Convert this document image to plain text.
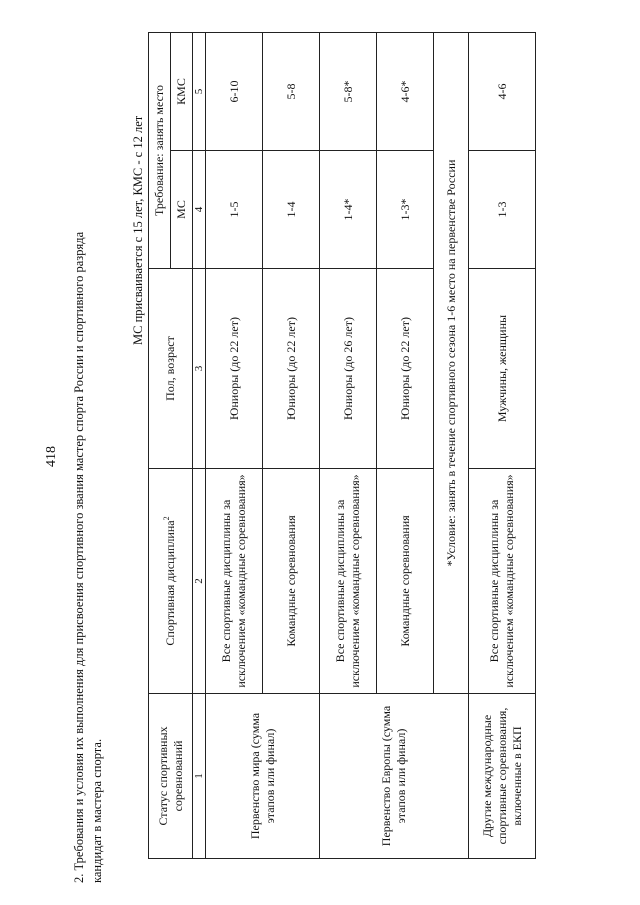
418 2. Требования и условия их выполнения для присвоения спортивного звания мастер спорта России и спортивного разряда кандидат в мастера спорта.
МС присваивается с 15 лет, КМС - с 12 лет
Статус спортивных соревнований	Спортивная дисциплина$^2$	Пол, возраст	Требование: занять место	
			МС	КМС
1	2	3	4	5
Первенство мира (сумма этапов или финал)	Все спортивные дисциплины за исключением «командные соревнования»	Юниоры (до 22 лет)	1-5	6-10
	Командные соревнования	Юниоры (до 22 лет)	1-4	5-8
Первенство Европы (сумма этапов или финал)	Все спортивные дисциплины за исключением «командные соревнования»	Юниоры (до 26 лет)	1-4*	5-8*
	Командные соревнования	Юниоры (до 22 лет)	1-3*	4-6*
	*Условие: занять в течение спортивного сезона 1-6 место на первенстве России			
Другие международные спортивные соревнования, включенные в ЕКП	Все спортивные дисциплины за исключением «командные соревнования»	Мужчины, женщины	1-3	4-6
